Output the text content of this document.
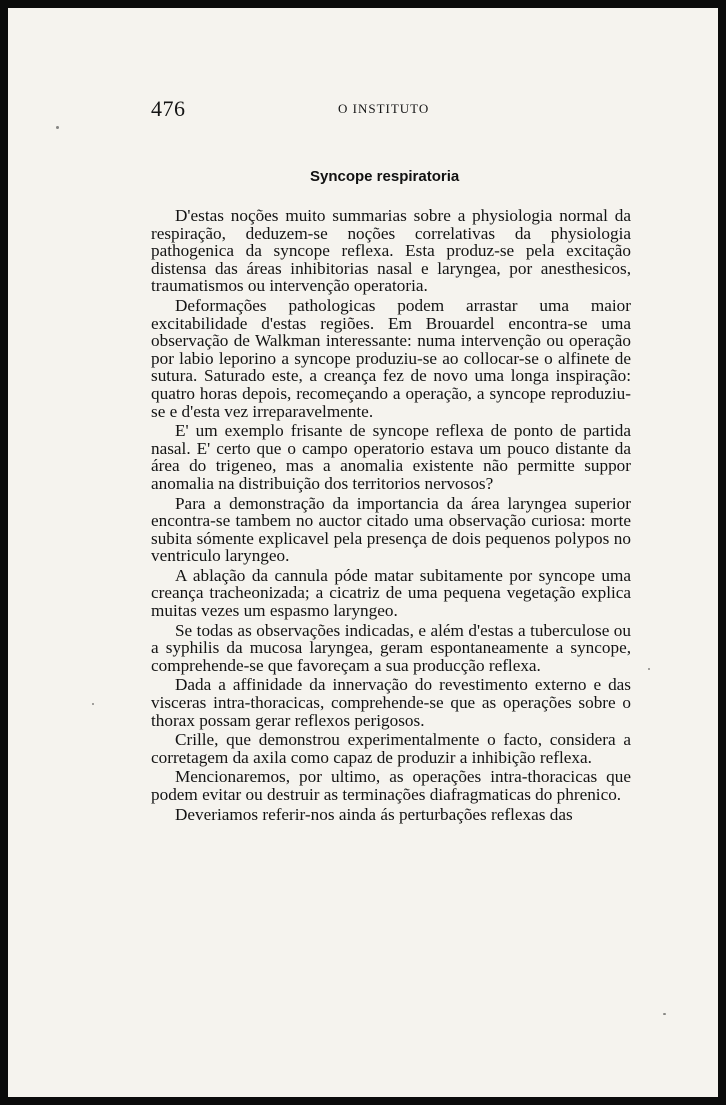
476	O INSTITUTO
Syncope respiratoria

D'estas noções muito summarias sobre a physiologia normal da respiração, deduzem-se noções correlativas da physiologia pathogenica da syncope reflexa. Esta produz-se pela excitação distensa das áreas inhibitorias nasal e laryngea, por anesthesicos, traumatismos ou intervenção operatoria.

Deformações pathologicas podem arrastar uma maior excitabilidade d'estas regiões. Em Brouardel encontra-se uma observação de Walkman interessante: numa intervenção ou operação por labio leporino a syncope produziu-se ao collocar-se o alfinete de sutura. Saturado este, a creança fez de novo uma longa inspiração: quatro horas depois, recomeçando a operação, a syncope reproduziu-se e d'esta vez irreparavelmente.

E' um exemplo frisante de syncope reflexa de ponto de partida nasal. E' certo que o campo operatorio estava um pouco distante da área do trigeneo, mas a anomalia existente não permitte suppor anomalia na distribuição dos territorios nervosos?

Para a demonstração da importancia da área laryngea superior encontra-se tambem no auctor citado uma observação curiosa: morte subita sómente explicavel pela presença de dois pequenos polypos no ventriculo laryngeo.

A ablação da cannula póde matar subitamente por syncope uma creança tracheonizada; a cicatriz de uma pequena vegetação explica muitas vezes um espasmo laryngeo.

Se todas as observações indicadas, e além d'estas a tuberculose ou a syphilis da mucosa laryngea, geram espontaneamente a syncope, comprehende-se que favoreçam a sua producção reflexa.

Dada a affinidade da innervação do revestimento externo e das visceras intra-thoracicas, comprehende-se que as operações sobre o thorax possam gerar reflexos perigosos.

Crille, que demonstrou experimentalmente o facto, considera a corretagem da axila como capaz de produzir a inhibição reflexa.

Mencionaremos, por ultimo, as operações intra-thoracicas que podem evitar ou destruir as terminações diafragmaticas do phrenico.

Deveriamos referir-nos ainda ás perturbações reflexas das
